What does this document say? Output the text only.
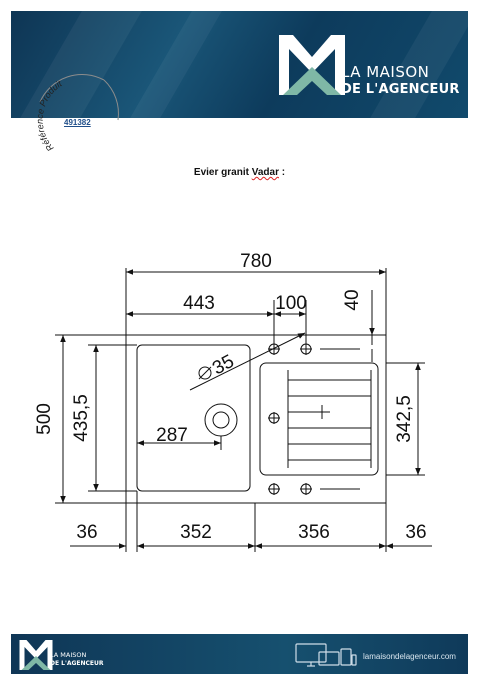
LA MAISON
DE L'AGENCEUR
Référence Produit
491382
Evier granit Vadar :
780
443	100 40
500 435,5	342,5
35
287
36	352	356	36
LA MAISON
DE L'AGENCEUR
lamaisondelagenceur.com
